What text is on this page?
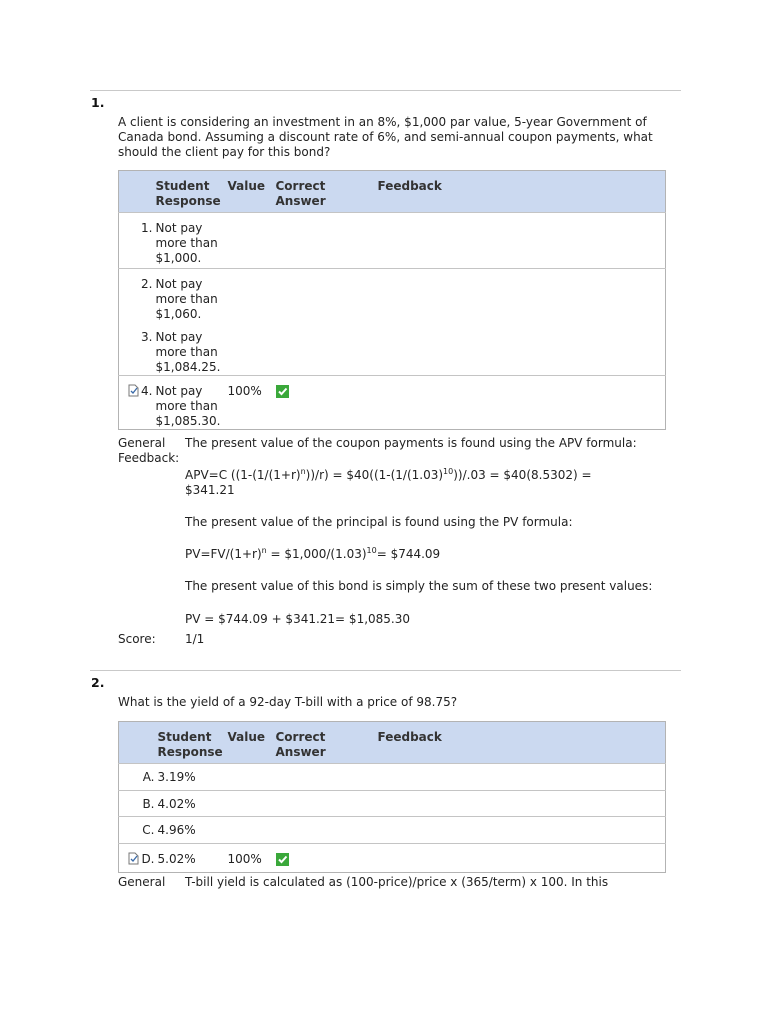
1.
A client is considering an investment in an 8%, $1,000 par value, 5-year Government of Canada bond. Assuming a discount rate of 6%, and semi-annual coupon payments, what should the client pay for this bond?
	Student Response	Value	Correct Answer	Feedback
1.	Not pay more than $1,000.			
2.	Not pay more than $1,060.			
3.	Not pay more than $1,084.25.			
4.	Not pay more than $1,085.30.	100%		
General Feedback:
The present value of the coupon payments is found using the APV formula:
APV=C $((1-(1/(1+r)^n))/r)$ = $\$40((1-(1/(1.03)^{10}))/.03$ = $40(8.5302) = $341.21
The present value of the principal is found using the PV formula:
$PV=FV/(1+r)^n$ = $\$1,000/(1.03)^{10}=$ $744.09
The present value of this bond is simply the sum of these two present values:
PV = $744.09 + $341.21= $1,085.30
Score:	1/1
2.
What is the yield of a 92-day T-bill with a price of 98.75?
	Student Response	Value	Correct Answer	Feedback
A.	3.19%			
B.	4.02%			
C.	4.96%			
D.	5.02%	100%		
General	T-bill yield is calculated as (100-price)/price x (365/term) x 100. In this
